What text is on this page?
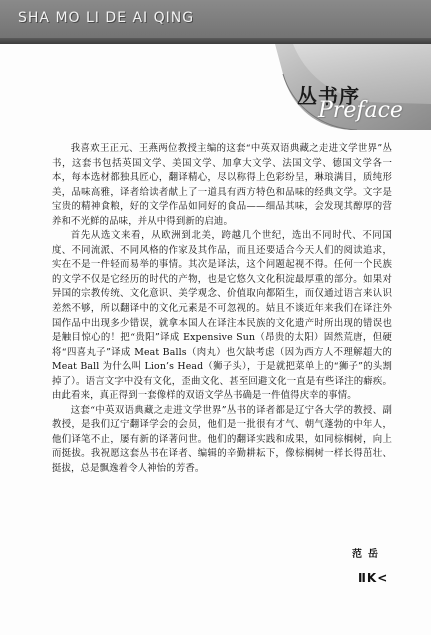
SHA MO LI DE AI QING
丛书序
Preface

我喜欢王正元、王燕两位教授主编的这套“中英双语典藏之走进文学世界”丛书，这套书包括英国文学、美国文学、加拿大文学、法国文学、德国文学各一本，每本选材都独具匠心，翻译精心，尽以称得上色彩纷呈，琳琅满目，质纯形美，品味高雅，译者给读者献上了一道具有西方特色和品味的经典文学。文字是宝贵的精神食粮，好的文学作品如同好的食品——细品其味，会发现其醇厚的营养和不光鲜的品味，并从中得到新的启迪。

首先从选文来看，从欧洲到北美，跨越几个世纪，选出不同时代、不同国度、不同流派、不同风格的作家及其作品，而且还要适合今天人们的阅读追求，实在不是一件轻而易举的事情。其次是译法，这个问题起视不得。任何一个民族的文学不仅是它经历的时代的产物，也是它悠久文化积淀最厚重的部分。如果对异国的宗教传统、文化意识、美学观念、价值取向都陌生，而仅通过语言来认识差然不够，所以翻译中的文化元素是不可忽视的。姑且不谈近年来我们在译注外国作品中出现多少错误，就拿本国人在译注本民族的文化遗产时所出现的错误也是触目惊心的！把“贵阳”译成 Expensive Sun（昂贵的太阳）固然荒唐，但硬将“四喜丸子”译成 Meat Balls（肉丸）也欠缺考虑（因为西方人不理解超大的 Meat Ball 为什么叫 Lion’s Head（狮子头），于是就把菜单上的“狮子”的头割掉了）。语言文字中没有文化，歪曲文化、甚至回避文化一直是有些译注的癖疾。由此看来，真正得到一套像样的双语文学丛书确是一件值得庆幸的事情。

这套“中英双语典藏之走进文学世界”丛书的译者都是辽宁各大学的教授、副教授，是我们辽宁翻译学会的会员，他们是一批很有才气、朝气蓬勃的中年人，他们译笔不止，屡有新的译著问世。他们的翻译实践和成果，如同棕榈树，向上而挺拔。我祝愿这套丛书在译者、编辑的辛勤耕耘下，像棕榈树一样长得茁壮、挺拔，总是飘逸着令人神怡的芳香。

范岳
ⅡK<
